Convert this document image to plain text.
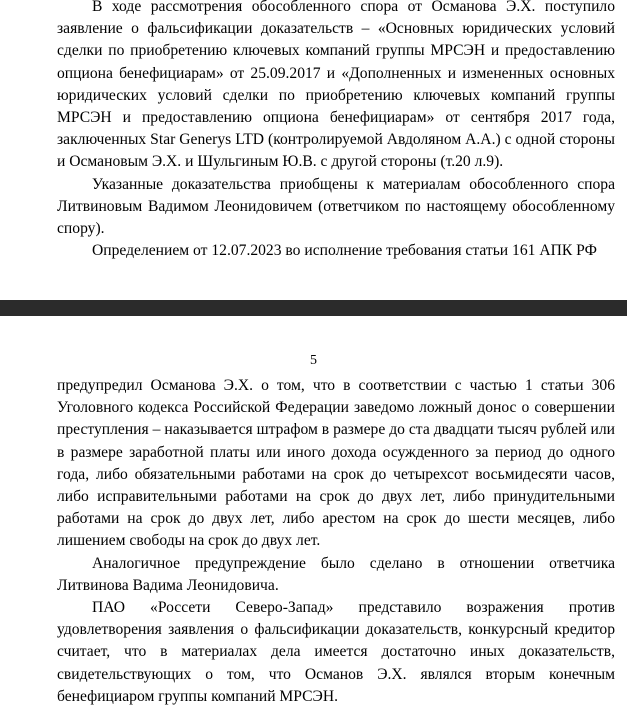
В ходе рассмотрения обособленного спора от Османова Э.Х. поступило заявление о фальсификации доказательств – «Основных юридических условий сделки по приобретению ключевых компаний группы МРСЭН и предоставлению опциона бенефициарам» от 25.09.2017 и «Дополненных и измененных основных юридических условий сделки по приобретению ключевых компаний группы МРСЭН и предоставлению опциона бенефициарам» от сентября 2017 года, заключенных Star Generys LTD (контролируемой Авдоляном А.А.) с одной стороны и Османовым Э.Х. и Шульгиным Ю.В. с другой стороны (т.20 л.9).

Указанные доказательства приобщены к материалам обособленного спора Литвиновым Вадимом Леонидовичем (ответчиком по настоящему обособленному спору).

Определением от 12.07.2023 во исполнение требования статьи 161 АПК РФ

5

предупредил Османова Э.Х. о том, что в соответствии с частью 1 статьи 306 Уголовного кодекса Российской Федерации заведомо ложный донос о совершении преступления – наказывается штрафом в размере до ста двадцати тысяч рублей или в размере заработной платы или иного дохода осужденного за период до одного года, либо обязательными работами на срок до четырехсот восьмидесяти часов, либо исправительными работами на срок до двух лет, либо принудительными работами на срок до двух лет, либо арестом на срок до шести месяцев, либо лишением свободы на срок до двух лет.

Аналогичное предупреждение было сделано в отношении ответчика Литвинова Вадима Леонидовича.

ПАО «Россети Северо-Запад» представило возражения против удовлетворения заявления о фальсификации доказательств, конкурсный кредитор считает, что в материалах дела имеется достаточно иных доказательств, свидетельствующих о том, что Османов Э.Х. являлся вторым конечным бенефициаром группы компаний МРСЭН.
